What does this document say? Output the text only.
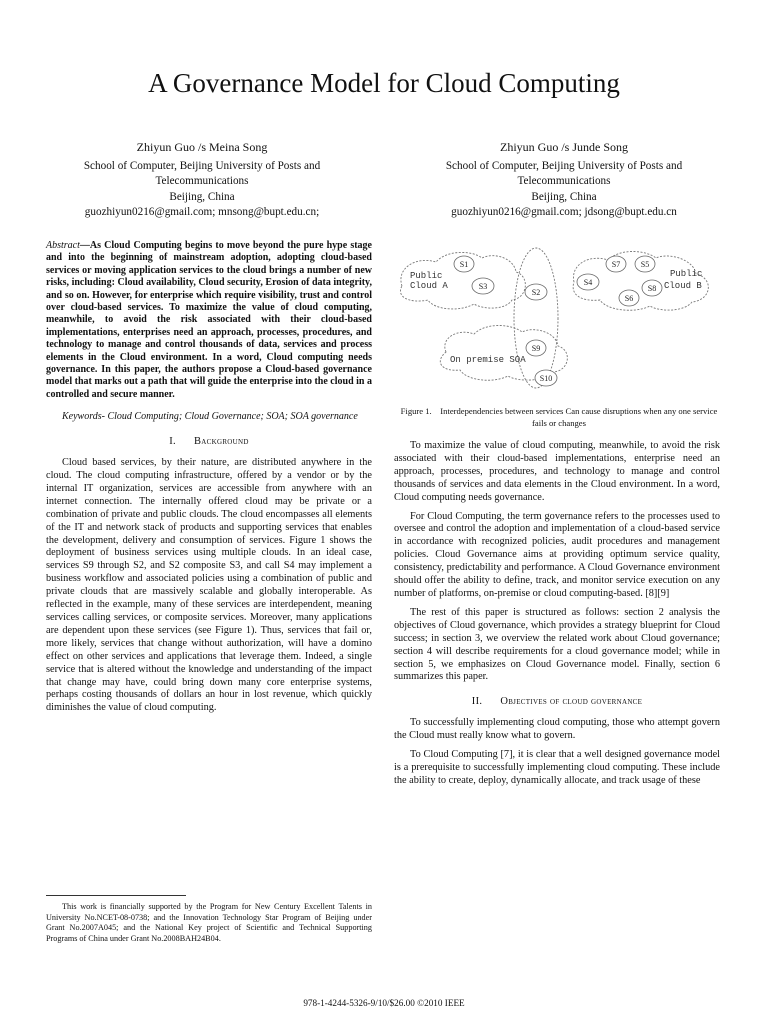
A Governance Model for Cloud Computing
Zhiyun Guo /s Meina Song
School of Computer, Beijing University of Posts and
Telecommunications
Beijing, China
guozhiyun0216@gmail.com; mnsong@bupt.edu.cn;
Zhiyun Guo /s Junde Song
School of Computer, Beijing University of Posts and
Telecommunications
Beijing, China
guozhiyun0216@gmail.com; jdsong@bupt.edu.cn

Abstract—As Cloud Computing begins to move beyond the pure hype stage and into the beginning of mainstream adoption, adopting cloud-based services or moving application services to the cloud brings a number of new risks, including: Cloud availability, Cloud security, Erosion of data integrity, and so on. However, for enterprise which require visibility, trust and control over cloud-based services. To maximize the value of cloud computing, meanwhile, to avoid the risk associated with their cloud-based implementations, enterprises need an approach, processes, procedures, and technology to manage and control thousands of data, services and process elements in the Cloud environment. In a word, Cloud computing needs governance. In this paper, the authors propose a Cloud-based governance model that marks out a path that will guide the enterprise into the cloud in a controlled and secure manner.

Keywords- Cloud Computing; Cloud Governance; SOA; SOA governance

I. Background

Cloud based services, by their nature, are distributed anywhere in the cloud. The cloud computing infrastructure, offered by a vendor or by the internal IT organization, services are accessible from anywhere with an internet connection. The internally offered cloud may be private or a combination of private and public clouds. The cloud encompasses all elements of the IT and network stack of products and supporting services that enables the development, delivery and consumption of services. Figure 1 shows the deployment of business services using multiple clouds. In an ideal case, services S9 through S2, and S2 composite S3, and call S4 may implement a business workflow and associated policies using a combination of public and private clouds that are massively scalable and globally interoperable. As reflected in the example, many of these services are interdependent, meaning services calling services, or composite services. Moreover, many applications are dependent upon these services (see Figure 1). Thus, services that fail or, more likely, services that change without authorization, will have a domino effect on other services and applications that leverage them. Indeed, a single service that is altered without the knowledge and understanding of the impact that change may have, could bring down many core enterprise systems, perhaps costing thousands of dollars an hour in lost revenue, which quickly diminishes the value of cloud computing.

Public
Cloud A
Public
Cloud B
On premise SOA
S1
S3
S2
S4
S7	S5
S6
S8
S9
S10
Figure 1. Interdependencies between services Can cause disruptions when any one service fails or changes

To maximize the value of cloud computing, meanwhile, to avoid the risk associated with their cloud-based implementations, enterprise need an approach, processes, procedures, and technology to manage and control thousands of services and data elements in the Cloud environment. In a word, Cloud computing needs governance.

For Cloud Computing, the term governance refers to the processes used to oversee and control the adoption and implementation of a cloud-based service in accordance with recognized policies, audit procedures and management policies. Cloud Governance aims at providing optimum service quality, consistency, predictability and performance. A Cloud Governance environment should offer the ability to define, track, and monitor service execution on any number of platforms, on-premise or cloud computing-based. [8][9]

The rest of this paper is structured as follows: section 2 analysis the objectives of Cloud governance, which provides a strategy blueprint for Cloud success; in section 3, we overview the related work about Cloud governance; section 4 will describe requirements for a cloud governance model; while in section 5, we emphasizes on Cloud Governance model. Finally, section 6 summarizes this paper.

II. Objectives of cloud governance

To successfully implementing cloud computing, those who attempt govern the Cloud must really know what to govern.

To Cloud Computing [7], it is clear that a well designed governance model is a prerequisite to successfully implementing cloud computing. These include the ability to create, deploy, dynamically allocate, and track usage of these

This work is financially supported by the Program for New Century Excellent Talents in University No.NCET-08-0738; and the Innovation Technology Star Program of Beijing under Grant No.2007A045; and the National Key project of Scientific and Technical Supporting Programs of China under Grant No.2008BAH24B04.

978-1-4244-5326-9/10/$26.00 ©2010 IEEE
